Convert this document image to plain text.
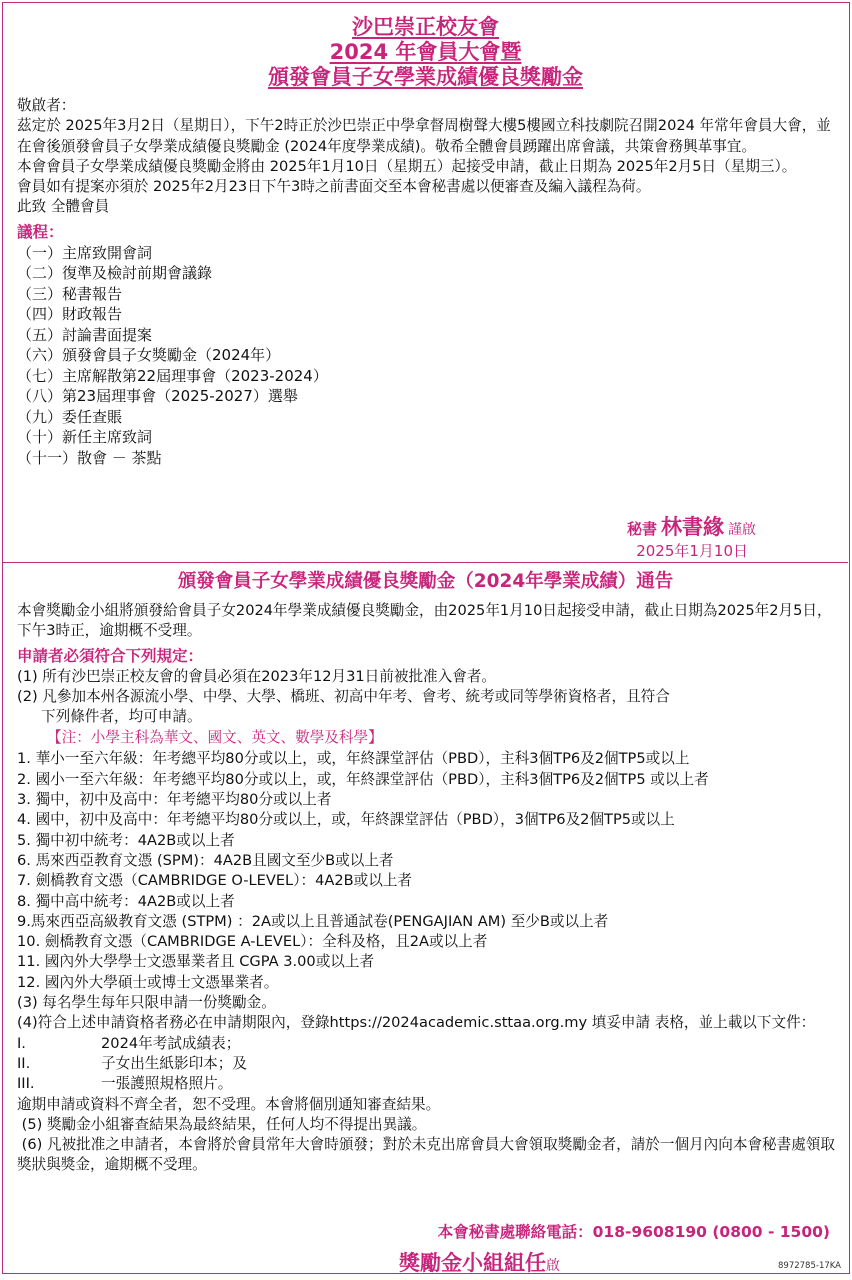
沙巴崇正校友會
2024 年會員大會暨
頒發會員子女學業成績優良獎勵金
敬啟者：
茲定於 2025年3月2日（星期日），下午2時正於沙巴崇正中學拿督周樹聲大樓5樓國立科技劇院召開2024 年常年會員大會，並在會後頒發會員子女學業成績優良獎勵金 (2024年度學業成績)。敬希全體會員踴躍出席會議，共策會務興革事宜。
本會會員子女學業成績優良獎勵金將由 2025年1月10日（星期五）起接受申請，截止日期為 2025年2月5日（星期三）。
會員如有提案亦須於 2025年2月23日下午3時之前書面交至本會秘書處以便審查及編入議程為荷。
此致 全體會員
議程：
（一）主席致開會詞
（二）復準及檢討前期會議錄
（三）秘書報告
（四）財政報告
（五）討論書面提案
（六）頒發會員子女獎勵金（2024年）
（七）主席解散第22屆理事會（2023-2024）
（八）第23屆理事會（2025-2027）選舉
（九）委任查賬
（十）新任主席致詞
（十一）散會 － 茶點
秘書 林書緣 謹啟
2025年1月10日
頒發會員子女學業成績優良獎勵金（2024年學業成績）通告
本會獎勵金小組將頒發給會員子女2024年學業成績優良獎勵金，由2025年1月10日起接受申請，截止日期為2025年2月5日，下午3時正，逾期概不受理。
申請者必須符合下列規定：
(1) 所有沙巴崇正校友會的會員必須在2023年12月31日前被批准入會者。
(2) 凡參加本州各源流小學、中學、大學、橋班、初高中年考、會考、統考或同等學術資格者，且符合
下列條件者，均可申請。
【注：小學主科為華文、國文、英文、數學及科學】
1. 華小一至六年級：年考總平均80分或以上，或，年終課堂評估（PBD），主科3個TP6及2個TP5或以上
2. 國小一至六年級：年考總平均80分或以上，或，年終課堂評估（PBD），主科3個TP6及2個TP5 或以上者
3. 獨中，初中及高中：年考總平均80分或以上者
4. 國中，初中及高中：年考總平均80分或以上，或，年終課堂評估（PBD），3個TP6及2個TP5或以上
5. 獨中初中統考：4A2B或以上者
6. 馬來西亞教育文憑 (SPM)：4A2B且國文至少B或以上者
7. 劍橋教育文憑（CAMBRIDGE O-LEVEL）：4A2B或以上者
8. 獨中高中統考：4A2B或以上者
9.馬來西亞高級教育文憑 (STPM) ：2A或以上且普通試卷(PENGAJIAN AM) 至少B或以上者
10. 劍橋教育文憑（CAMBRIDGE A-LEVEL）：全科及格，且2A或以上者
11. 國內外大學學士文憑畢業者且 CGPA 3.00或以上者
12. 國內外大學碩士或博士文憑畢業者。
(3) 每名學生每年只限申請一份獎勵金。
(4)符合上述申請資格者務必在申請期限內，登錄https://2024academic.sttaa.org.my 填妥申請 表格，並上載以下文件：
I.	2024年考試成績表；
II.	子女出生紙影印本；及
III.	一張護照規格照片。
逾期申請或資料不齊全者，恕不受理。本會將個別通知審查結果。
(5) 獎勵金小組審查結果為最終結果，任何人均不得提出異議。
(6) 凡被批准之申請者，本會將於會員常年大會時頒發；對於未克出席會員大會領取獎勵金者，請於一個月內向本會秘書處領取獎狀與獎金，逾期概不受理。
本會秘書處聯絡電話：018-9608190 (0800 - 1500)
獎勵金小組組任啟	8972785-17KA
